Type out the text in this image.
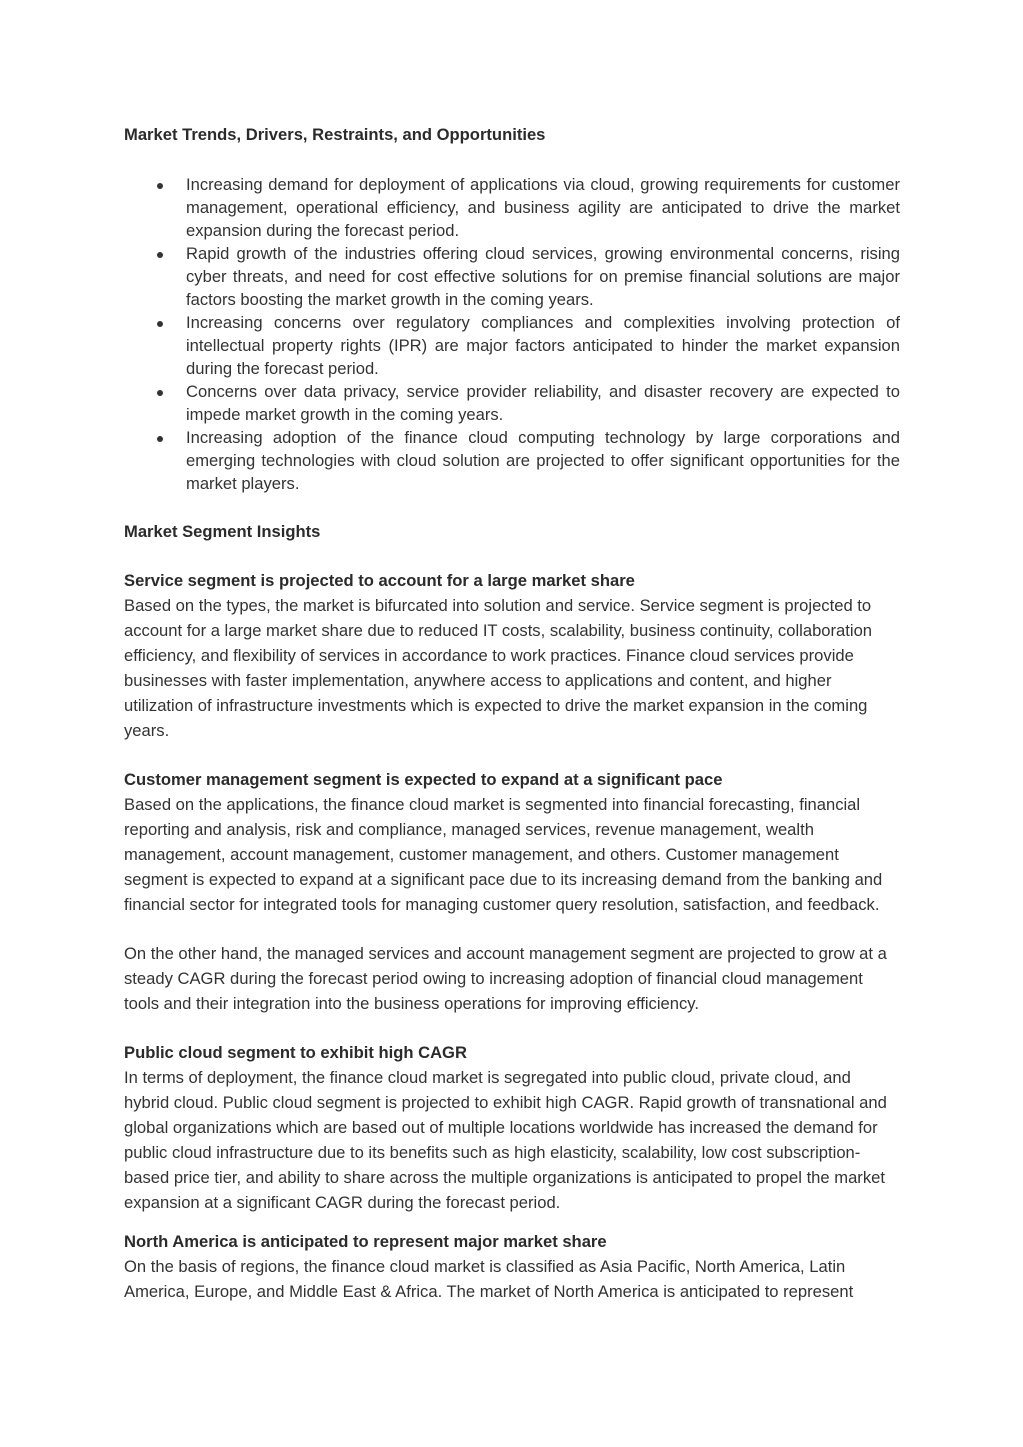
Market Trends, Drivers, Restraints, and Opportunities

Increasing demand for deployment of applications via cloud, growing requirements for customer management, operational efficiency, and business agility are anticipated to drive the market expansion during the forecast period.
Rapid growth of the industries offering cloud services, growing environmental concerns, rising cyber threats, and need for cost effective solutions for on premise financial solutions are major factors boosting the market growth in the coming years.
Increasing concerns over regulatory compliances and complexities involving protection of intellectual property rights (IPR) are major factors anticipated to hinder the market expansion during the forecast period.
Concerns over data privacy, service provider reliability, and disaster recovery are expected to impede market growth in the coming years.
Increasing adoption of the finance cloud computing technology by large corporations and emerging technologies with cloud solution are projected to offer significant opportunities for the market players.

Market Segment Insights

Service segment is projected to account for a large market share

Based on the types, the market is bifurcated into solution and service. Service segment is projected to account for a large market share due to reduced IT costs, scalability, business continuity, collaboration efficiency, and flexibility of services in accordance to work practices. Finance cloud services provide businesses with faster implementation, anywhere access to applications and content, and higher utilization of infrastructure investments which is expected to drive the market expansion in the coming years.

Customer management segment is expected to expand at a significant pace

Based on the applications, the finance cloud market is segmented into financial forecasting, financial reporting and analysis, risk and compliance, managed services, revenue management, wealth management, account management, customer management, and others. Customer management segment is expected to expand at a significant pace due to its increasing demand from the banking and financial sector for integrated tools for managing customer query resolution, satisfaction, and feedback.

On the other hand, the managed services and account management segment are projected to grow at a steady CAGR during the forecast period owing to increasing adoption of financial cloud management tools and their integration into the business operations for improving efficiency.

Public cloud segment to exhibit high CAGR

In terms of deployment, the finance cloud market is segregated into public cloud, private cloud, and hybrid cloud. Public cloud segment is projected to exhibit high CAGR. Rapid growth of transnational and global organizations which are based out of multiple locations worldwide has increased the demand for public cloud infrastructure due to its benefits such as high elasticity, scalability, low cost subscription-based price tier, and ability to share across the multiple organizations is anticipated to propel the market expansion at a significant CAGR during the forecast period.

North America is anticipated to represent major market share

On the basis of regions, the finance cloud market is classified as Asia Pacific, North America, Latin America, Europe, and Middle East & Africa. The market of North America is anticipated to represent
